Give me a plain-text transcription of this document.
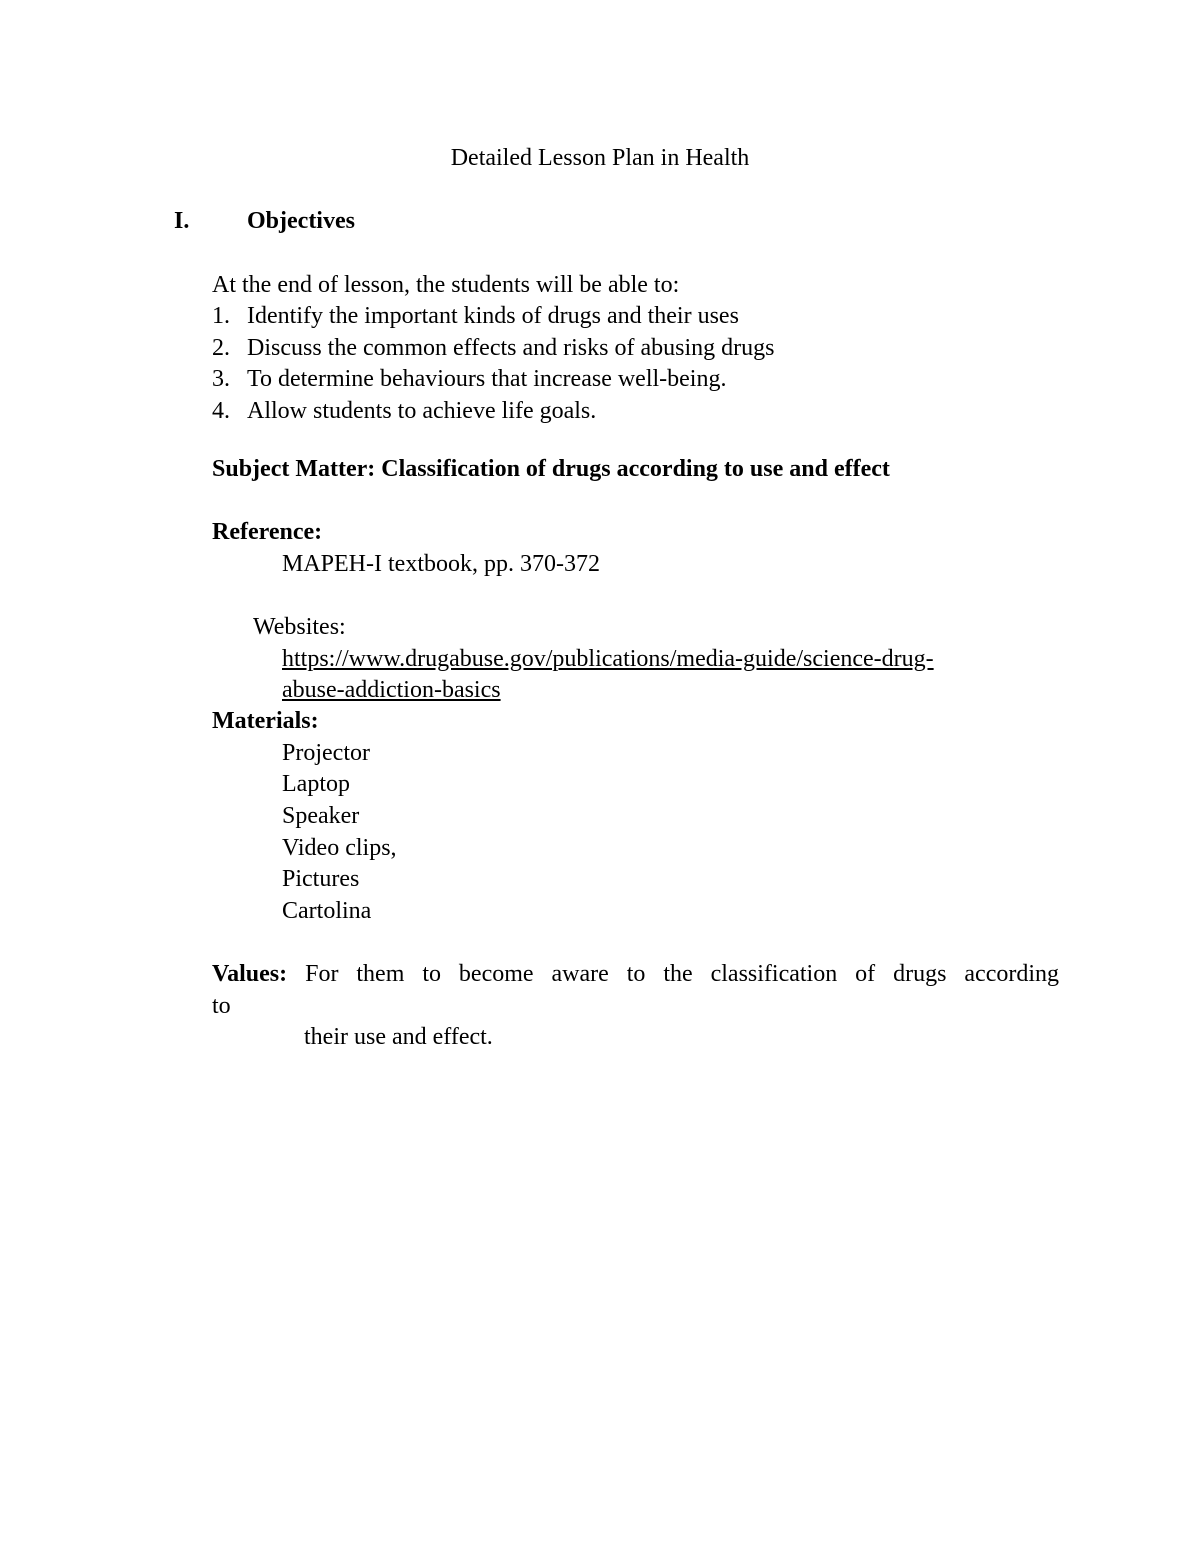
Detailed Lesson Plan in Health
I. Objectives
At the end of lesson, the students will be able to:
1. Identify the important kinds of drugs and their uses
2. Discuss the common effects and risks of abusing drugs
3. To determine behaviours that increase well-being.
4. Allow students to achieve life goals.
Subject Matter: Classification of drugs according to use and effect
Reference:
MAPEH-I textbook, pp. 370-372
Websites:
https://www.drugabuse.gov/publications/media-guide/science-drug-
abuse-addiction-basics
Materials:
Projector
Laptop
Speaker
Video clips,
Pictures
Cartolina
Values: For them to become aware to the classification of drugs according
to
their use and effect.
